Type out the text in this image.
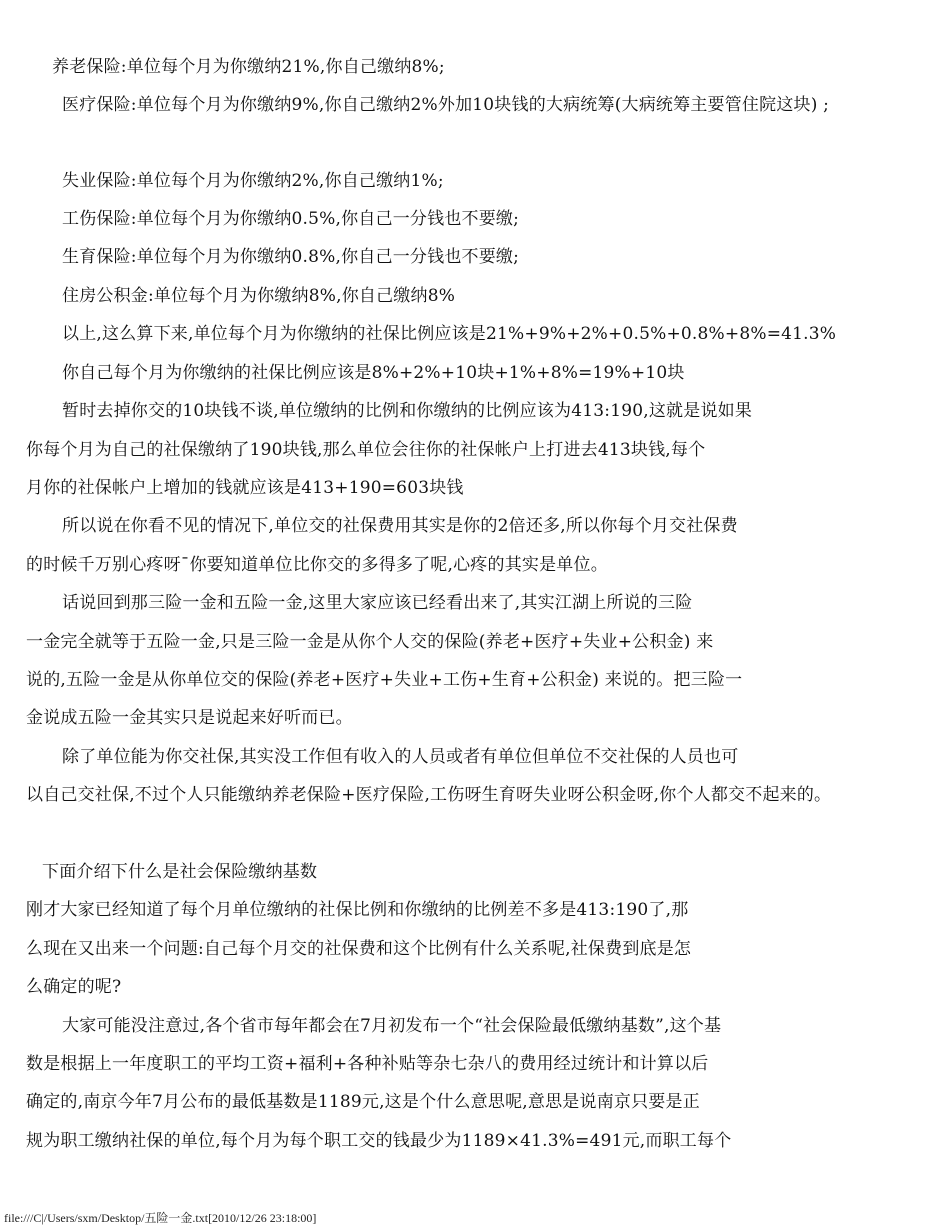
养老保险:单位每个月为你缴纳21%,你自己缴纳8%;
医疗保险:单位每个月为你缴纳9%,你自己缴纳2%外加10块钱的大病统筹(大病统筹主要管住院这块) ;
失业保险:单位每个月为你缴纳2%,你自己缴纳1%;
工伤保险:单位每个月为你缴纳0.5%,你自己一分钱也不要缴;
生育保险:单位每个月为你缴纳0.8%,你自己一分钱也不要缴;
住房公积金:单位每个月为你缴纳8%,你自己缴纳8%
以上,这么算下来,单位每个月为你缴纳的社保比例应该是21%+9%+2%+0.5%+0.8%+8%=41.3%
你自己每个月为你缴纳的社保比例应该是8%+2%+10块+1%+8%=19%+10块
暂时去掉你交的10块钱不谈,单位缴纳的比例和你缴纳的比例应该为413:190,这就是说如果
你每个月为自己的社保缴纳了190块钱,那么单位会往你的社保帐户上打进去413块钱,每个
月你的社保帐户上增加的钱就应该是413+190=603块钱
所以说在你看不见的情况下,单位交的社保费用其实是你的2倍还多,所以你每个月交社保费
的时候千万别心疼呀¯你要知道单位比你交的多得多了呢,心疼的其实是单位。
话说回到那三险一金和五险一金,这里大家应该已经看出来了,其实江湖上所说的三险
一金完全就等于五险一金,只是三险一金是从你个人交的保险(养老+医疗+失业+公积金) 来
说的,五险一金是从你单位交的保险(养老+医疗+失业+工伤+生育+公积金) 来说的。把三险一
金说成五险一金其实只是说起来好听而已。
除了单位能为你交社保,其实没工作但有收入的人员或者有单位但单位不交社保的人员也可
以自己交社保,不过个人只能缴纳养老保险+医疗保险,工伤呀生育呀失业呀公积金呀,你个人都交不起来的。
下面介绍下什么是社会保险缴纳基数
刚才大家已经知道了每个月单位缴纳的社保比例和你缴纳的比例差不多是413:190了,那
么现在又出来一个问题:自己每个月交的社保费和这个比例有什么关系呢,社保费到底是怎
么确定的呢?
大家可能没注意过,各个省市每年都会在7月初发布一个“社会保险最低缴纳基数”,这个基
数是根据上一年度职工的平均工资+福利+各种补贴等杂七杂八的费用经过统计和计算以后
确定的,南京今年7月公布的最低基数是1189元,这是个什么意思呢,意思是说南京只要是正
规为职工缴纳社保的单位,每个月为每个职工交的钱最少为1189×41.3%=491元,而职工每个
file:///C|/Users/sxm/Desktop/五险一金.txt[2010/12/26 23:18:00]
